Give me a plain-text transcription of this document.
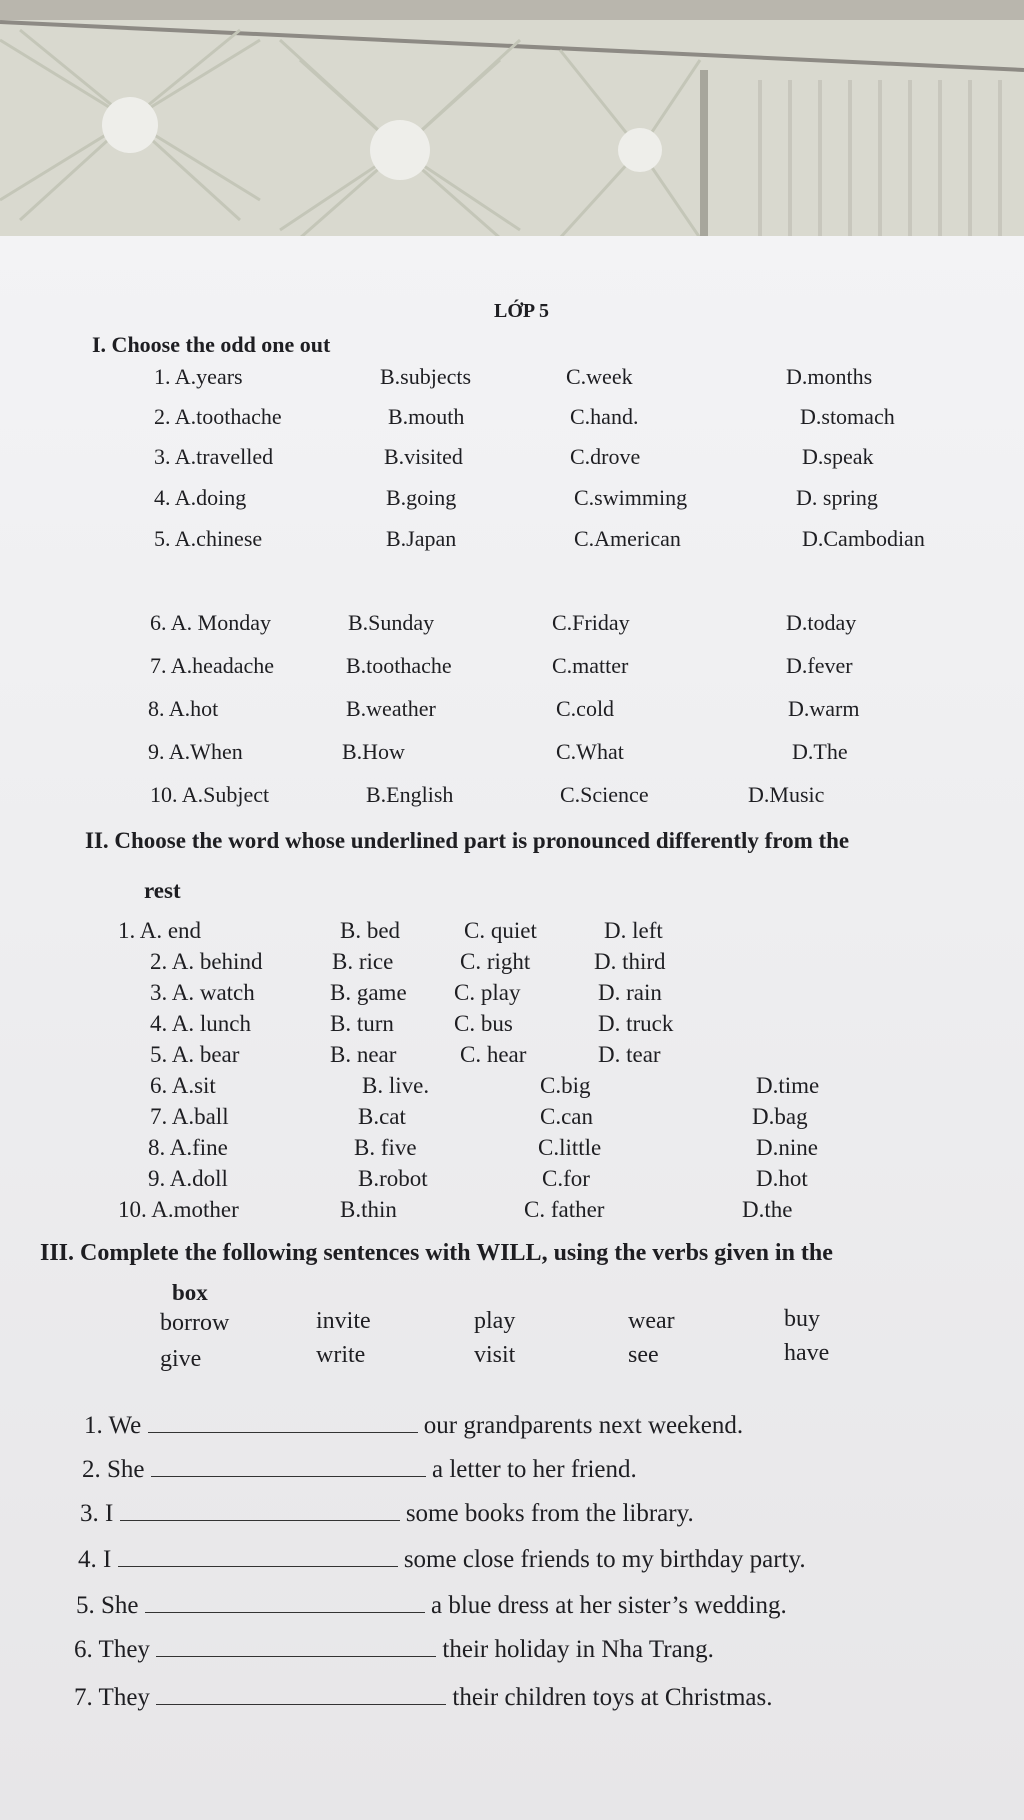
LỚP 5
I. Choose the odd one out
1. A.years	B.subjects	C.week	D.months
2. A.toothache	B.mouth	C.hand.	D.stomach
3. A.travelled	B.visited	C.drove	D.speak
4. A.doing	B.going	C.swimming	D. spring
5. A.chinese	B.Japan	C.American	D.Cambodian
6. A. Monday	B.Sunday	C.Friday	D.today
7. A.headache	B.toothache	C.matter	D.fever
8. A.hot	B.weather	C.cold	D.warm
9. A.When	B.How	C.What	D.The
10. A.Subject	B.English	C.Science	D.Music
II. Choose the word whose underlined part is pronounced differently from the
rest
1. A. end	B. bed	C. quiet	D. left
2. A. behind	B. rice	C. right	D. third
3. A. watch	B. game C. play	D. rain
4. A. lunch	B. turn	C. bus	D. truck
5. A. bear	B. near	C. hear	D. tear
6. A.sit	B. live.	C.big	D.time
7. A.ball	B.cat	C.can	D.bag
8. A.fine	B. five	C.little	D.nine
9. A.doll	B.robot	C.for	D.hot
10. A.mother	B.thin	C. father	D.the
III. Complete the following sentences with WILL, using the verbs given in the
box
borrow	invite	play	wear	buy
give	write	visit	see	have
1. We	our grandparents next weekend.
2. She	a letter to her friend.
3. I	some books from the library.
4. I	some close friends to my birthday party.
5. She	a blue dress at her sister’s wedding.
6. They	their holiday in Nha Trang.
7. They	their children toys at Christmas.
